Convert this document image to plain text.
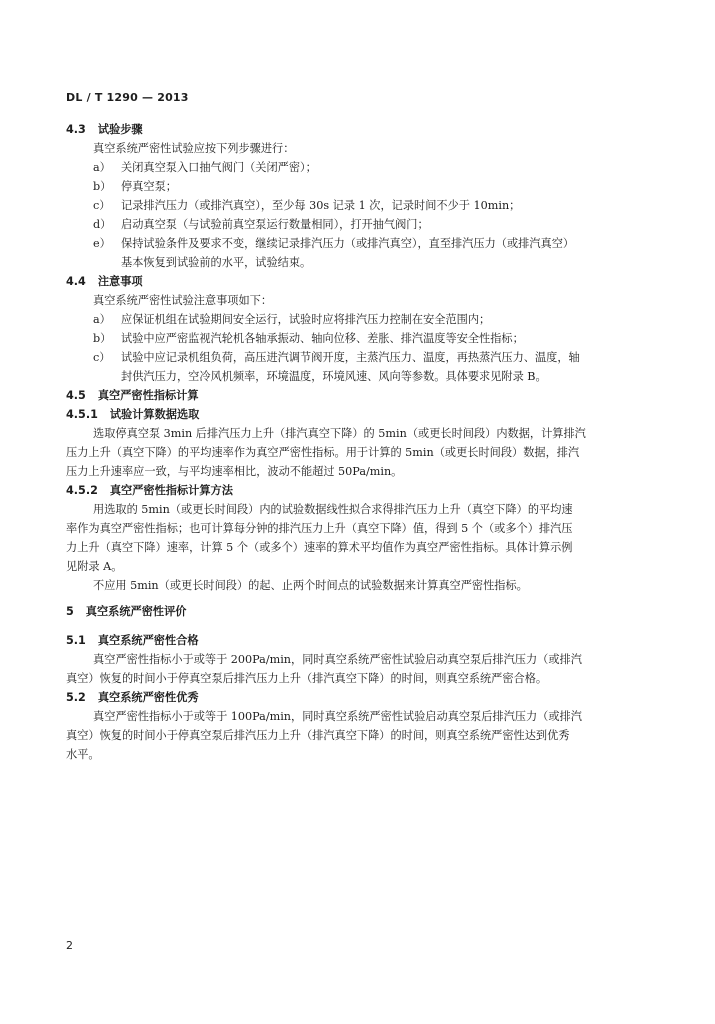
DL / T 1290 — 2013
4.3 试验步骤
真空系统严密性试验应按下列步骤进行：
a） 关闭真空泵入口抽气阀门（关闭严密）；
b） 停真空泵；
c） 记录排汽压力（或排汽真空），至少每 30s 记录 1 次，记录时间不少于 10min；
d） 启动真空泵（与试验前真空泵运行数量相同），打开抽气阀门；
e） 保持试验条件及要求不变，继续记录排汽压力（或排汽真空），直至排汽压力（或排汽真空）
基本恢复到试验前的水平，试验结束。
4.4 注意事项
真空系统严密性试验注意事项如下：
a） 应保证机组在试验期间安全运行，试验时应将排汽压力控制在安全范围内；
b） 试验中应严密监视汽轮机各轴承振动、轴向位移、差胀、排汽温度等安全性指标；
c） 试验中应记录机组负荷，高压进汽调节阀开度，主蒸汽压力、温度，再热蒸汽压力、温度，轴
封供汽压力，空冷风机频率，环境温度，环境风速、风向等参数。具体要求见附录 B。
4.5 真空严密性指标计算
4.5.1 试验计算数据选取
选取停真空泵 3min 后排汽压力上升（排汽真空下降）的 5min（或更长时间段）内数据，计算排汽
压力上升（真空下降）的平均速率作为真空严密性指标。用于计算的 5min（或更长时间段）数据，排汽
压力上升速率应一致，与平均速率相比，波动不能超过 50Pa/min。
4.5.2 真空严密性指标计算方法
用选取的 5min（或更长时间段）内的试验数据线性拟合求得排汽压力上升（真空下降）的平均速
率作为真空严密性指标；也可计算每分钟的排汽压力上升（真空下降）值，得到 5 个（或多个）排汽压
力上升（真空下降）速率，计算 5 个（或多个）速率的算术平均值作为真空严密性指标。具体计算示例
见附录 A。
不应用 5min（或更长时间段）的起、止两个时间点的试验数据来计算真空严密性指标。
5 真空系统严密性评价
5.1 真空系统严密性合格
真空严密性指标小于或等于 200Pa/min，同时真空系统严密性试验启动真空泵后排汽压力（或排汽
真空）恢复的时间小于停真空泵后排汽压力上升（排汽真空下降）的时间，则真空系统严密合格。
5.2 真空系统严密性优秀
真空严密性指标小于或等于 100Pa/min，同时真空系统严密性试验启动真空泵后排汽压力（或排汽
真空）恢复的时间小于停真空泵后排汽压力上升（排汽真空下降）的时间，则真空系统严密性达到优秀
水平。
2
